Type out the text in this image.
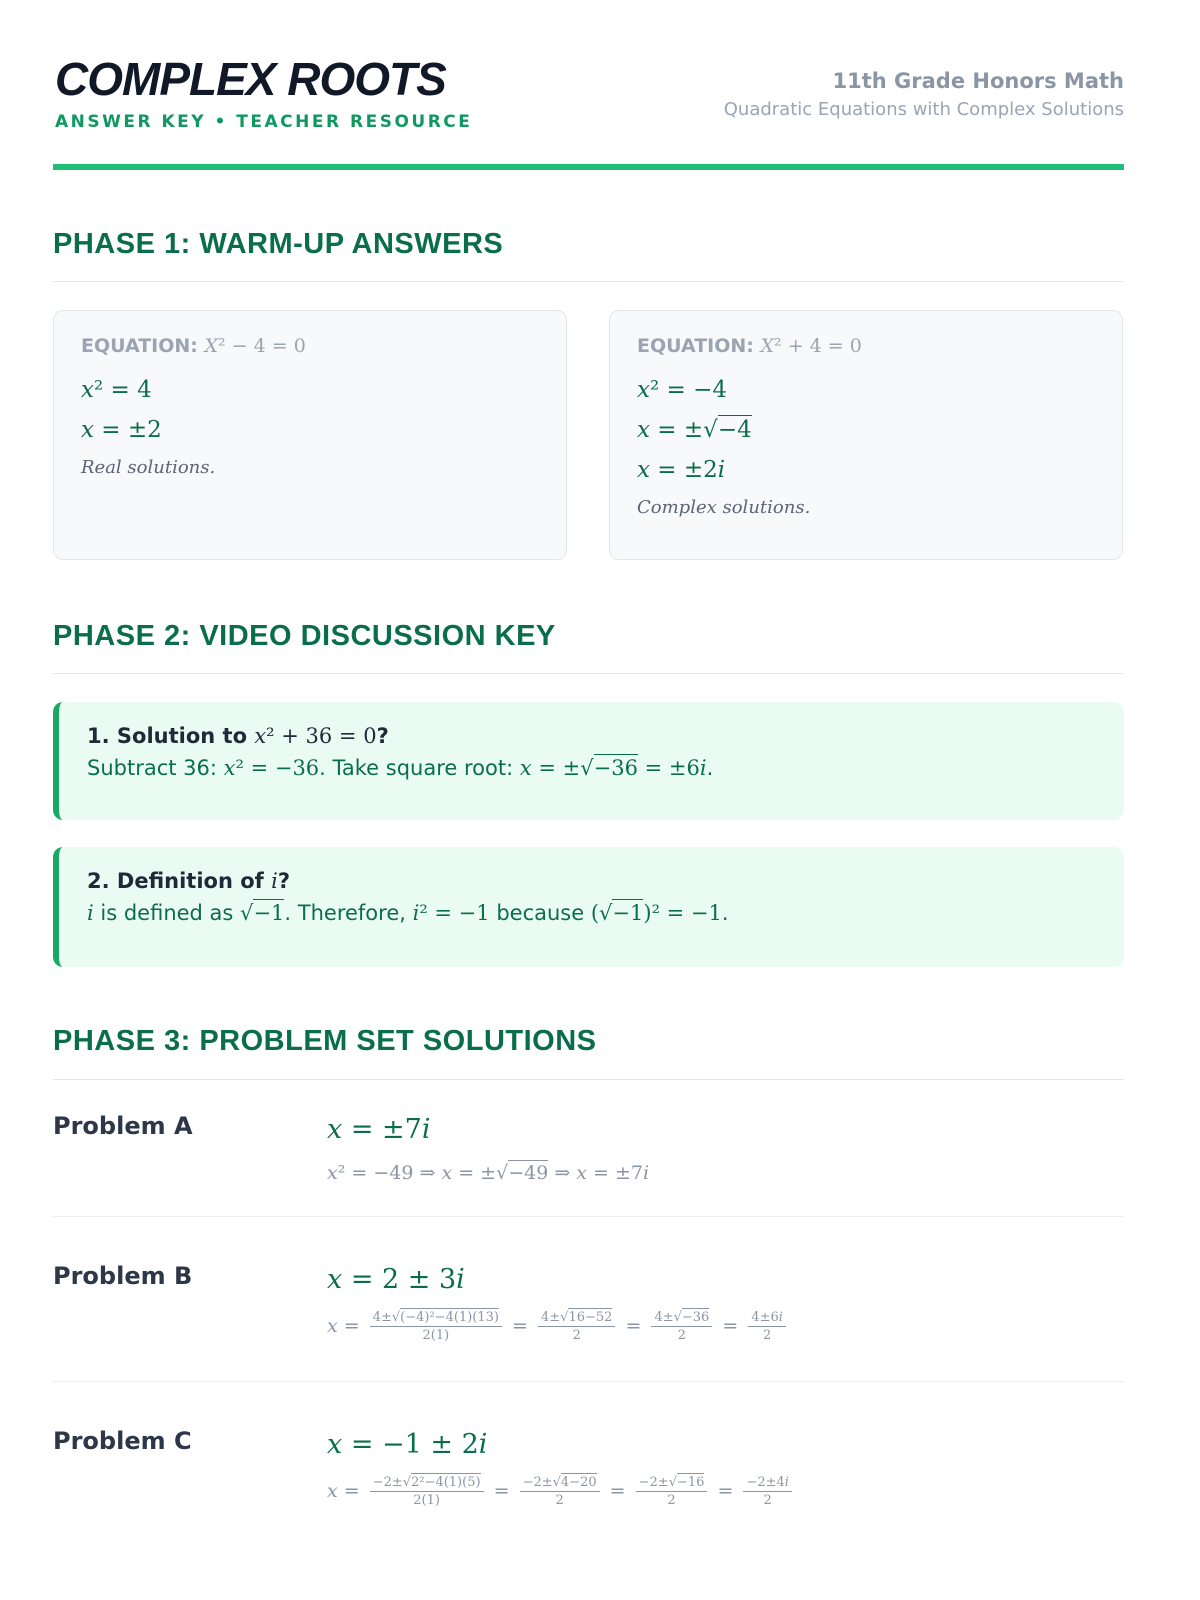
COMPLEX ROOTS
ANSWER KEY • TEACHER RESOURCE
11th Grade Honors Math
Quadratic Equations with Complex Solutions
PHASE 1: WARM-UP ANSWERS
EQUATION: X² − 4 = 0
x² = 4
x = ±2
Real solutions.
EQUATION: X² + 4 = 0
x² = −4
x = ±√−4
x = ±2i
Complex solutions.
PHASE 2: VIDEO DISCUSSION KEY
1. Solution to x² + 36 = 0?
Subtract 36: x² = −36. Take square root: x = ±√−36 = ±6i.
2. Definition of i?
i is defined as √−1. Therefore, i² = −1 because (√−1)² = −1.
PHASE 3: PROBLEM SET SOLUTIONS
Problem A	x = ±7i
x² = −49 ⇒ x = ±√−49 ⇒ x = ±7i
Problem B	x = 2 ± 3i
$x = \frac{\text{4±√(−4)²−4(1)(13)}}{2(1)} = \frac{4\pm√16-52}{2} = \frac{4\pm√-36}{2} = \frac{4\pm 6i}{2}$
Problem C	x = −1 ± 2i
$x = \frac{\text{−2±√2²−4(1)(5)}}{2(1)} = \frac{-2\pm√4-20}{2} = \frac{-2\pm√-16}{2} = \frac{-2\pm 4i}{2}$
